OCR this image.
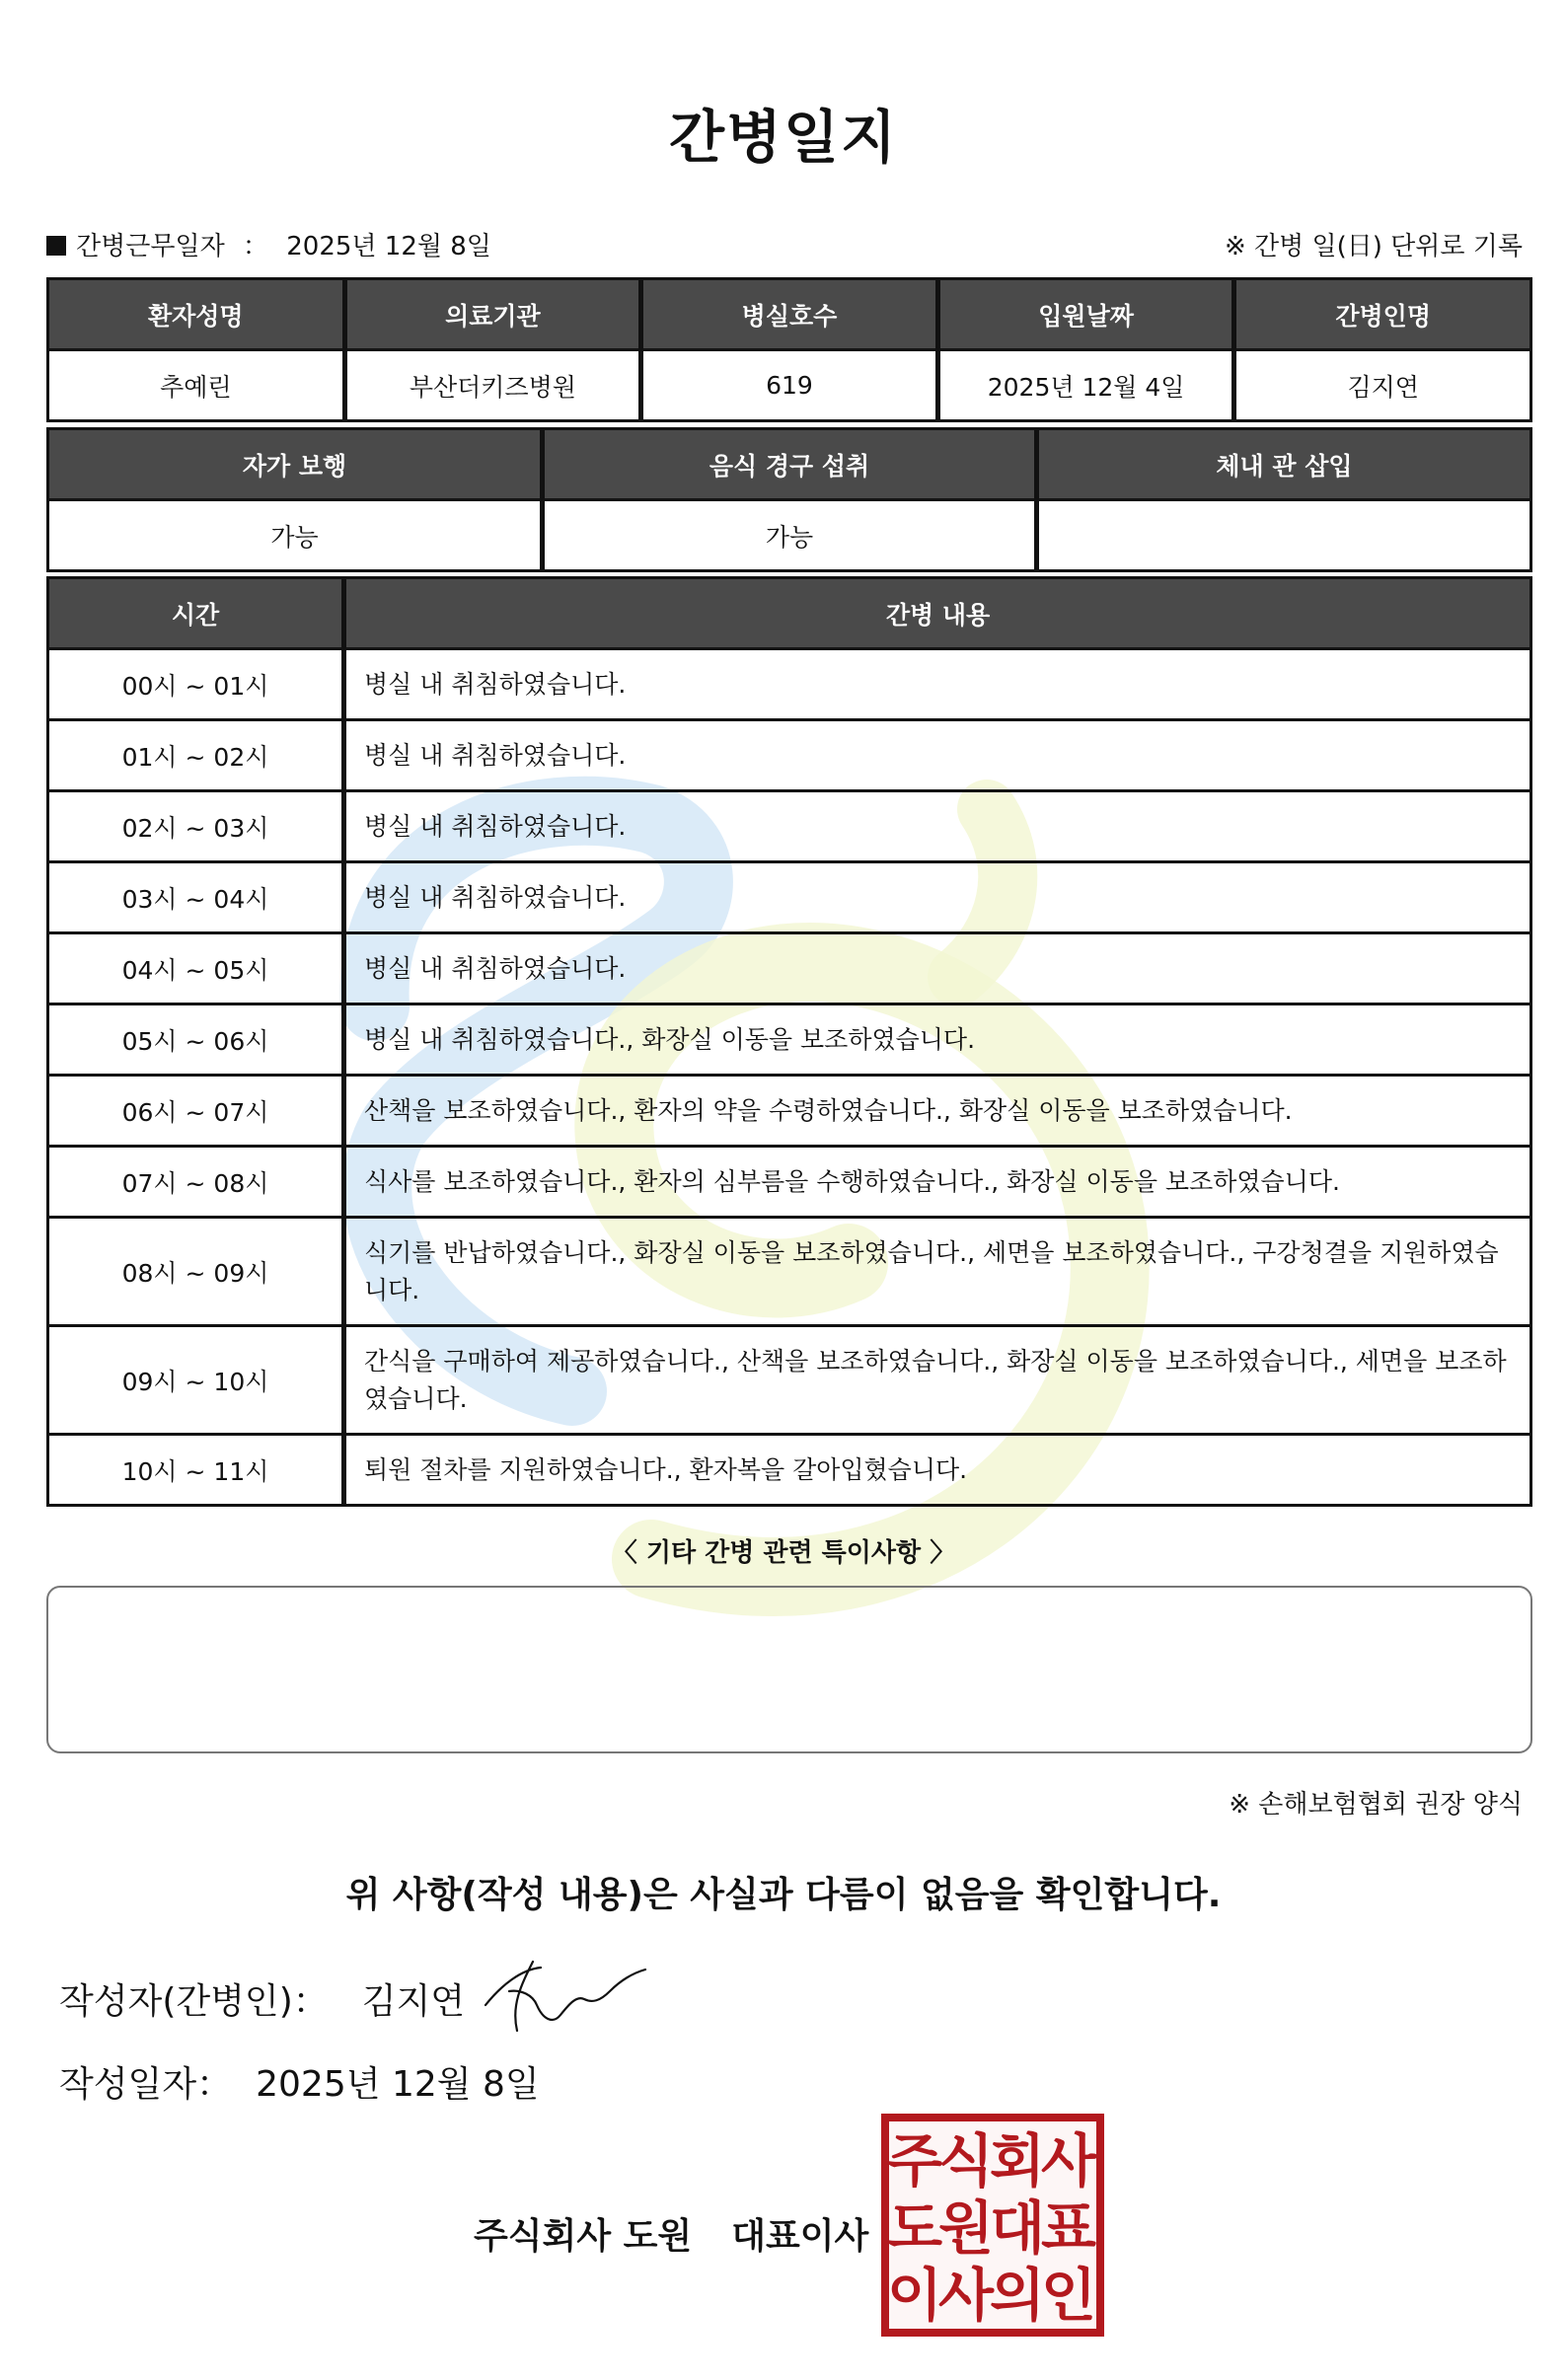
간병일지
간병근무일자 ： 2025년 12월 8일	※ 간병 일(日) 단위로 기록
환자성명	의료기관	병실호수	입원날짜	간병인명
추예린	부산더키즈병원	619	2025년 12월 4일	김지연
자가 보행	음식 경구 섭취	체내 관 삽입
가능	가능	
시간	간병 내용
00시 ~ 01시	병실 내 취침하였습니다.
01시 ~ 02시	병실 내 취침하였습니다.
02시 ~ 03시	병실 내 취침하였습니다.
03시 ~ 04시	병실 내 취침하였습니다.
04시 ~ 05시	병실 내 취침하였습니다.
05시 ~ 06시	병실 내 취침하였습니다., 화장실 이동을 보조하였습니다.
06시 ~ 07시	산책을 보조하였습니다., 환자의 약을 수령하였습니다., 화장실 이동을 보조하였습니다.
07시 ~ 08시	식사를 보조하였습니다., 환자의 심부름을 수행하였습니다., 화장실 이동을 보조하였습니다.
08시 ~ 09시	식기를 반납하였습니다., 화장실 이동을 보조하였습니다., 세면을 보조하였습니다., 구강청결을 지원하였습니다.
09시 ~ 10시	간식을 구매하여 제공하였습니다., 산책을 보조하였습니다., 화장실 이동을 보조하였습니다., 세면을 보조하였습니다.
10시 ~ 11시	퇴원 절차를 지원하였습니다., 환자복을 갈아입혔습니다.
〈 기타 간병 관련 특이사항 〉
※ 손해보험협회 권장 양식
위 사항(작성 내용)은 사실과 다름이 없음을 확인합니다.
작성자(간병인)： 김지연
작성일자： 2025년 12월 8일
주식회사 도원 대표이사
주
식
회
사
도
원
대
표
이
사
의
인
